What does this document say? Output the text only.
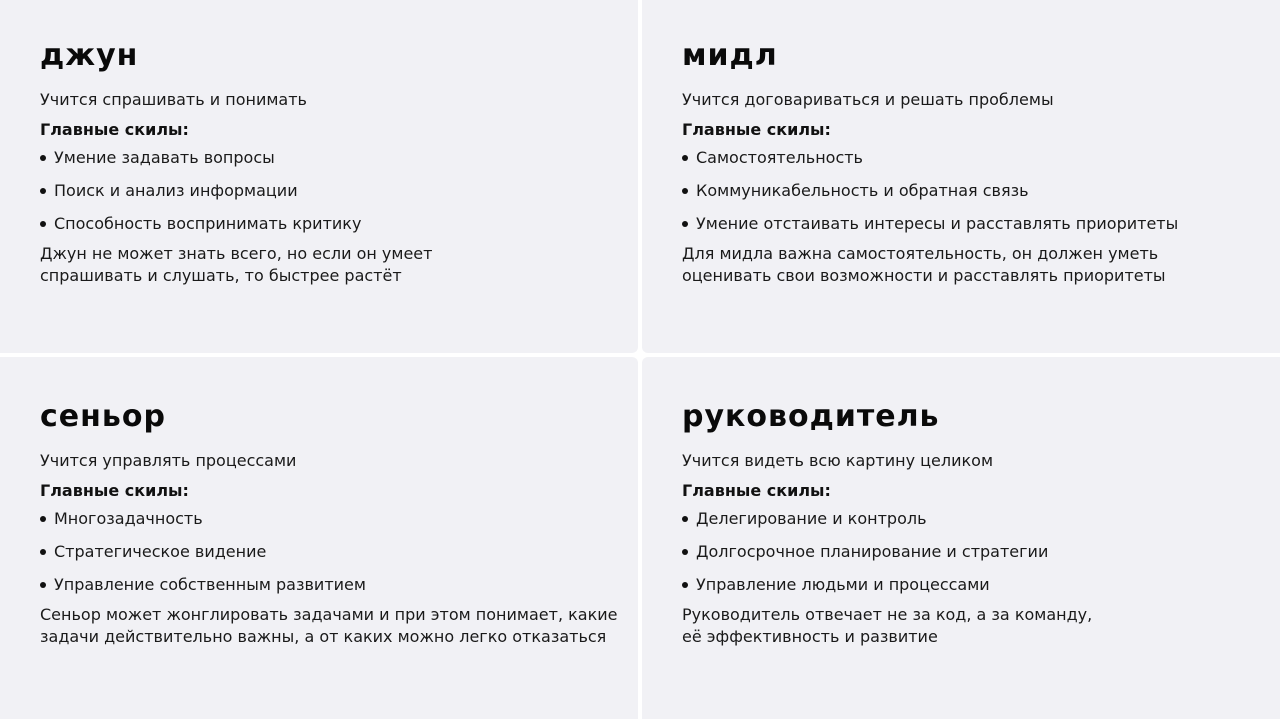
джун
Учится спрашивать и понимать
Главные скилы:
Умение задавать вопросы
Поиск и анализ информации
Способность воспринимать критику
Джун не может знать всего, но если он умеет
спрашивать и слушать, то быстрее растёт
мидл
Учится договариваться и решать проблемы
Главные скилы:
Самостоятельность
Коммуникабельность и обратная связь
Умение отстаивать интересы и расставлять приоритеты
Для мидла важна самостоятельность, он должен уметь
оценивать свои возможности и расставлять приоритеты
сеньор
Учится управлять процессами
Главные скилы:
Многозадачность
Стратегическое видение
Управление собственным развитием
Сеньор может жонглировать задачами и при этом понимает, какие
задачи действительно важны, а от каких можно легко отказаться
руководитель
Учится видеть всю картину целиком
Главные скилы:
Делегирование и контроль
Долгосрочное планирование и стратегии
Управление людьми и процессами
Руководитель отвечает не за код, а за команду,
её эффективность и развитие
